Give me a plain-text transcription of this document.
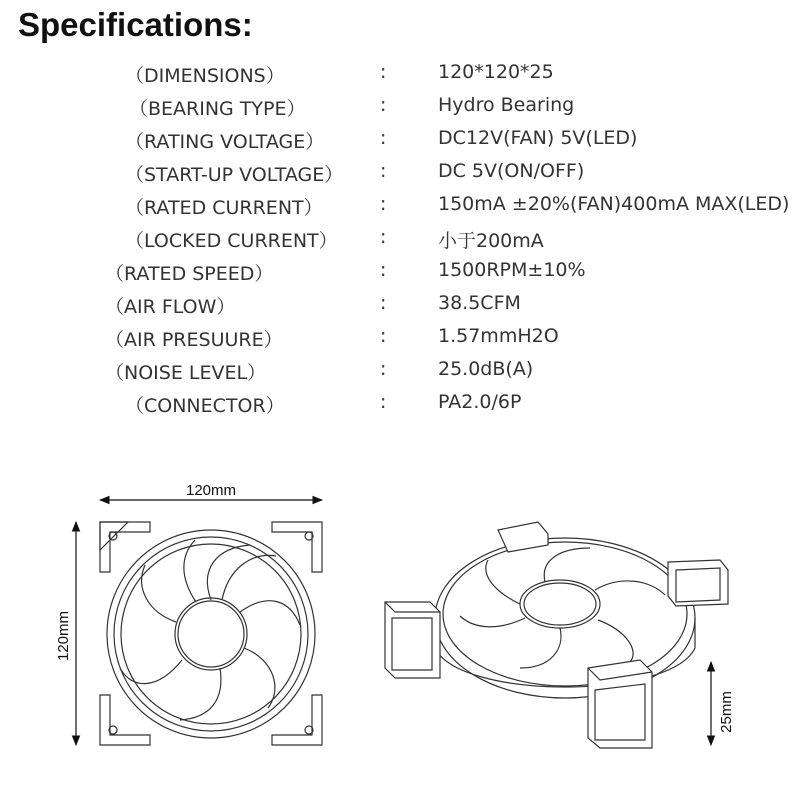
Specifications:
（DIMENSIONS）	:	120*120*25
（BEARING TYPE）	:	Hydro Bearing
（RATING VOLTAGE）	:	DC12V(FAN) 5V(LED)
（START-UP VOLTAGE） :	DC 5V(ON/OFF)
（RATED CURRENT）	:	150mA ±20%(FAN)400mA MAX(LED)
（LOCKED CURRENT） :	小于200mA
（RATED SPEED）	:	1500RPM±10%
（AIR FLOW）	:	38.5CFM
（AIR PRESUURE）	:	1.57mmH2O
（NOISE LEVEL）	:	25.0dB(A)
（CONNECTOR）	:	PA2.0/6P
120mm
120mm
25mm
